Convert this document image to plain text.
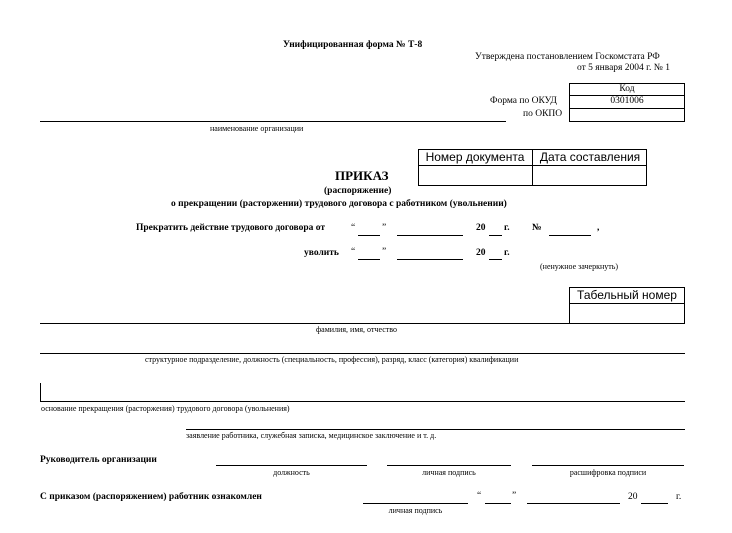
Унифицированная форма № Т-8
Утверждена постановлением Госкомстата РФ
от 5 января 2004 г. № 1
Код
Форма по ОКУД	0301006
по ОКПО
наименование организации
Номер документа	Дата составления
ПРИКАЗ
(распоряжение)
о прекращении (расторжении) трудового договора с работником (увольнении)
Прекратить действие трудового договора от	“	”	20 г. №	,
уволить “	”	20 г.
(ненужное зачеркнуть)
Табельный номер
фамилия, имя, отчество
структурное подразделение, должность (специальность, профессия), разряд, класс (категория) квалификации
основание прекращения (расторжения) трудового договора (увольнения)
заявление работника, служебная записка, медицинское заключение и т. д.
Руководитель организации
должность	личная подпись	расшифровка подписи
С приказом (распоряжением) работник ознакомлен
личная подпись
“	”	20	г.
